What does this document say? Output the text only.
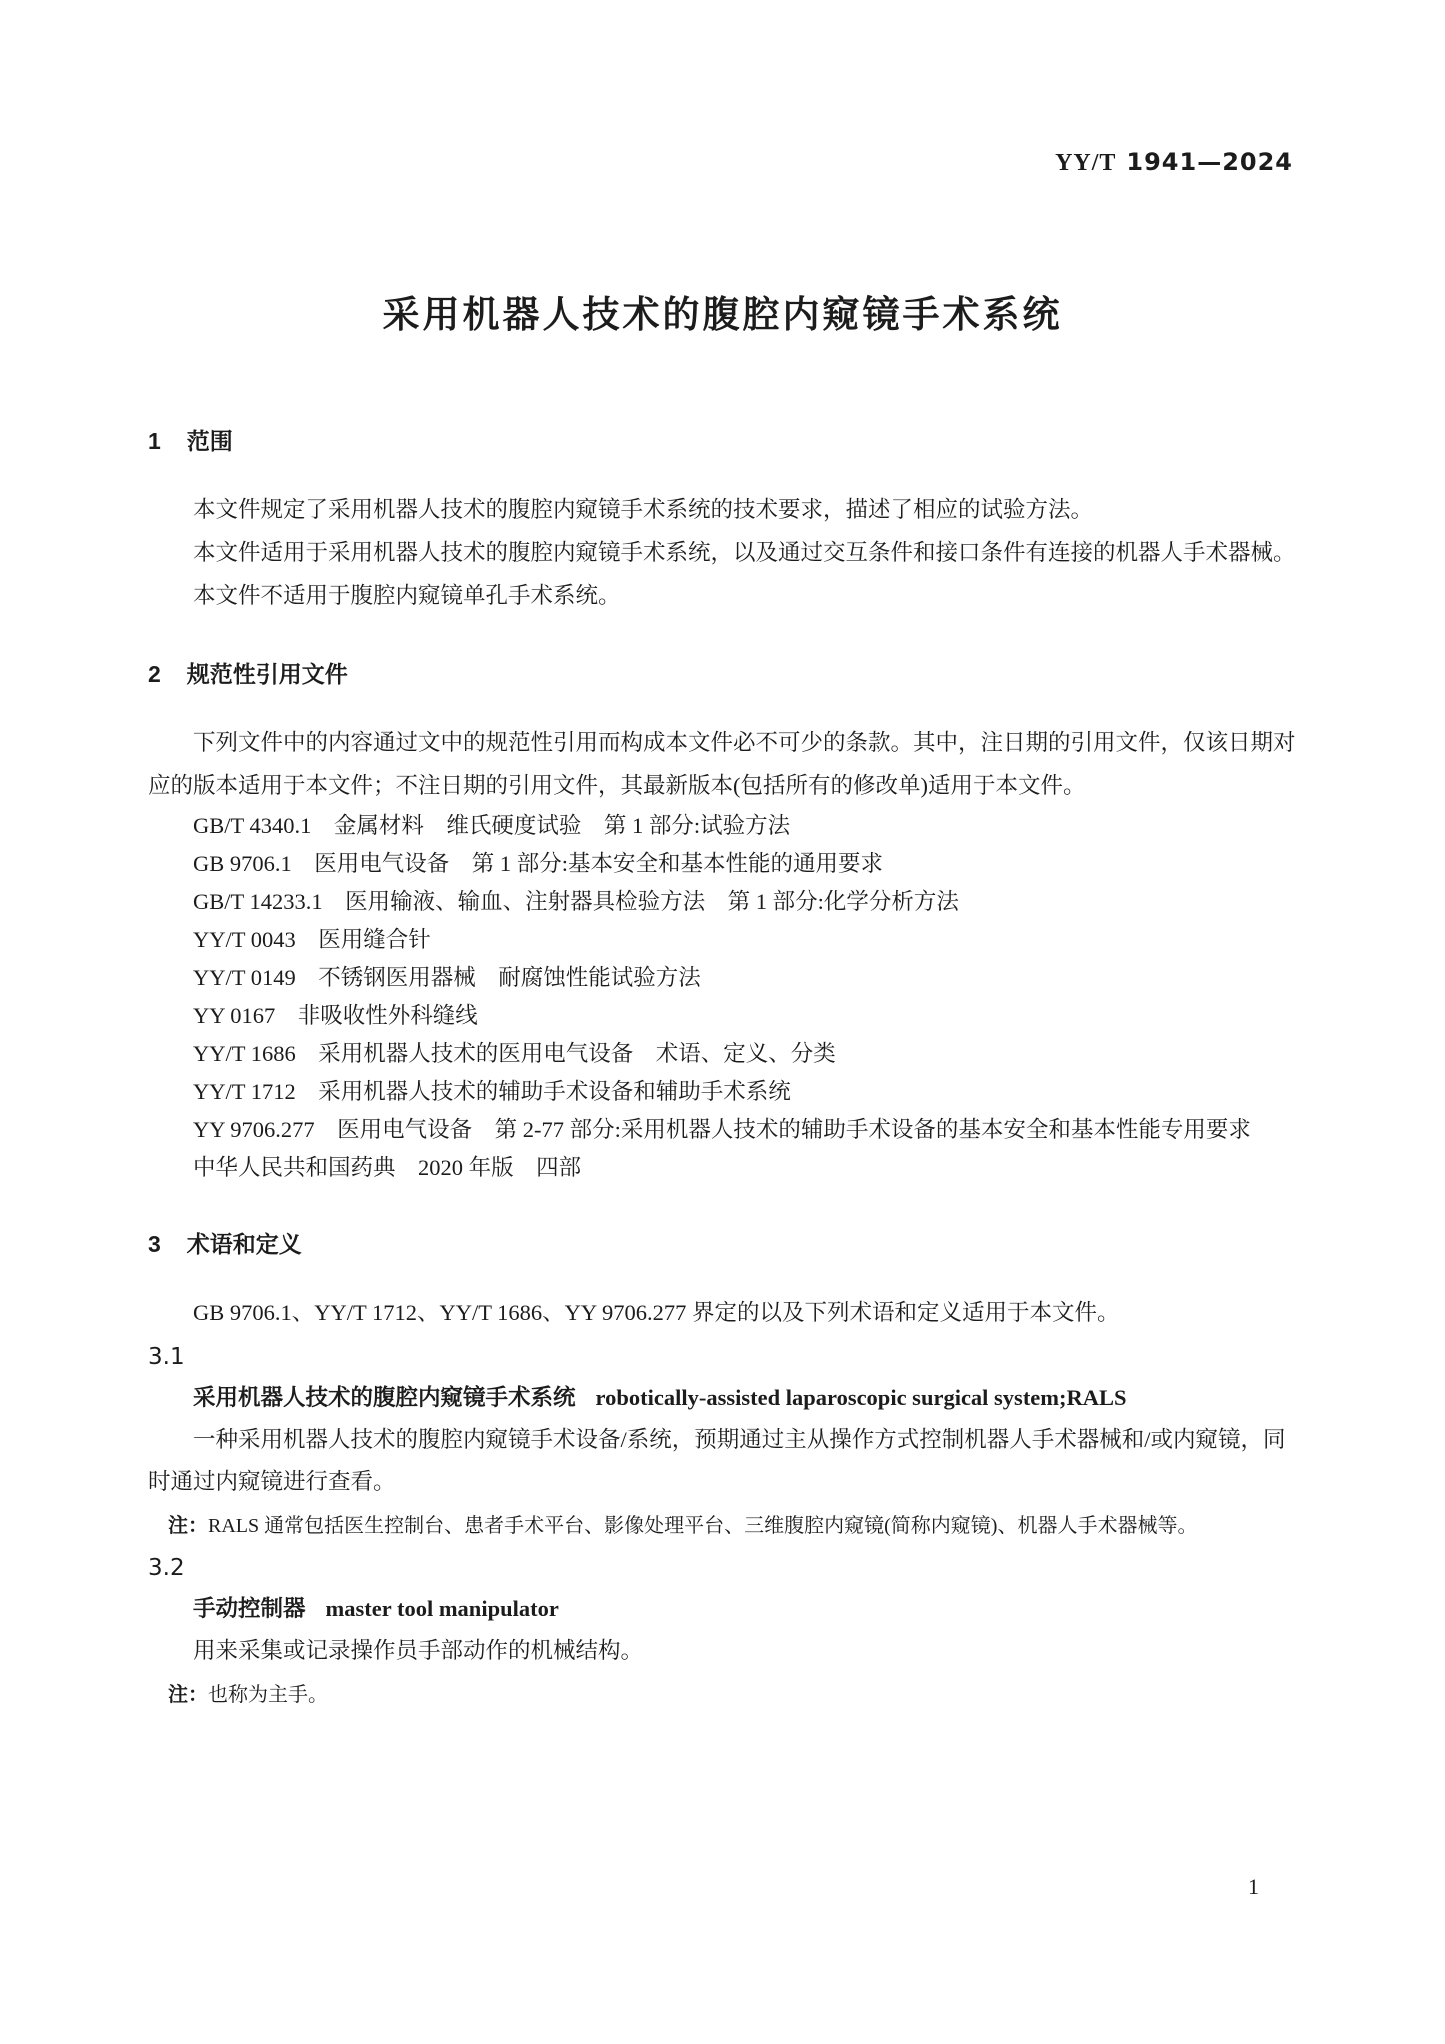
YY/T 1941—2024
采用机器人技术的腹腔内窥镜手术系统
1 范围

本文件规定了采用机器人技术的腹腔内窥镜手术系统的技术要求，描述了相应的试验方法。

本文件适用于采用机器人技术的腹腔内窥镜手术系统，以及通过交互条件和接口条件有连接的机器人手术器械。

本文件不适用于腹腔内窥镜单孔手术系统。

2 规范性引用文件

下列文件中的内容通过文中的规范性引用而构成本文件必不可少的条款。其中，注日期的引用文件，仅该日期对应的版本适用于本文件；不注日期的引用文件，其最新版本(包括所有的修改单)适用于本文件。

GB/T 4340.1　金属材料　维氏硬度试验　第 1 部分:试验方法

GB 9706.1　医用电气设备　第 1 部分:基本安全和基本性能的通用要求

GB/T 14233.1　医用输液、输血、注射器具检验方法　第 1 部分:化学分析方法

YY/T 0043　医用缝合针

YY/T 0149　不锈钢医用器械　耐腐蚀性能试验方法

YY 0167　非吸收性外科缝线

YY/T 1686　采用机器人技术的医用电气设备　术语、定义、分类

YY/T 1712　采用机器人技术的辅助手术设备和辅助手术系统

YY 9706.277　医用电气设备　第 2-77 部分:采用机器人技术的辅助手术设备的基本安全和基本性能专用要求

中华人民共和国药典　2020 年版　四部

3 术语和定义

GB 9706.1、YY/T 1712、YY/T 1686、YY 9706.277 界定的以及下列术语和定义适用于本文件。

3.1

采用机器人技术的腹腔内窥镜手术系统 robotically-assisted laparoscopic surgical system;RALS

一种采用机器人技术的腹腔内窥镜手术设备/系统，预期通过主从操作方式控制机器人手术器械和/或内窥镜，同时通过内窥镜进行查看。

注：RALS 通常包括医生控制台、患者手术平台、影像处理平台、三维腹腔内窥镜(简称内窥镜)、机器人手术器械等。

3.2

手动控制器 master tool manipulator

用来采集或记录操作员手部动作的机械结构。

注：也称为主手。

1
